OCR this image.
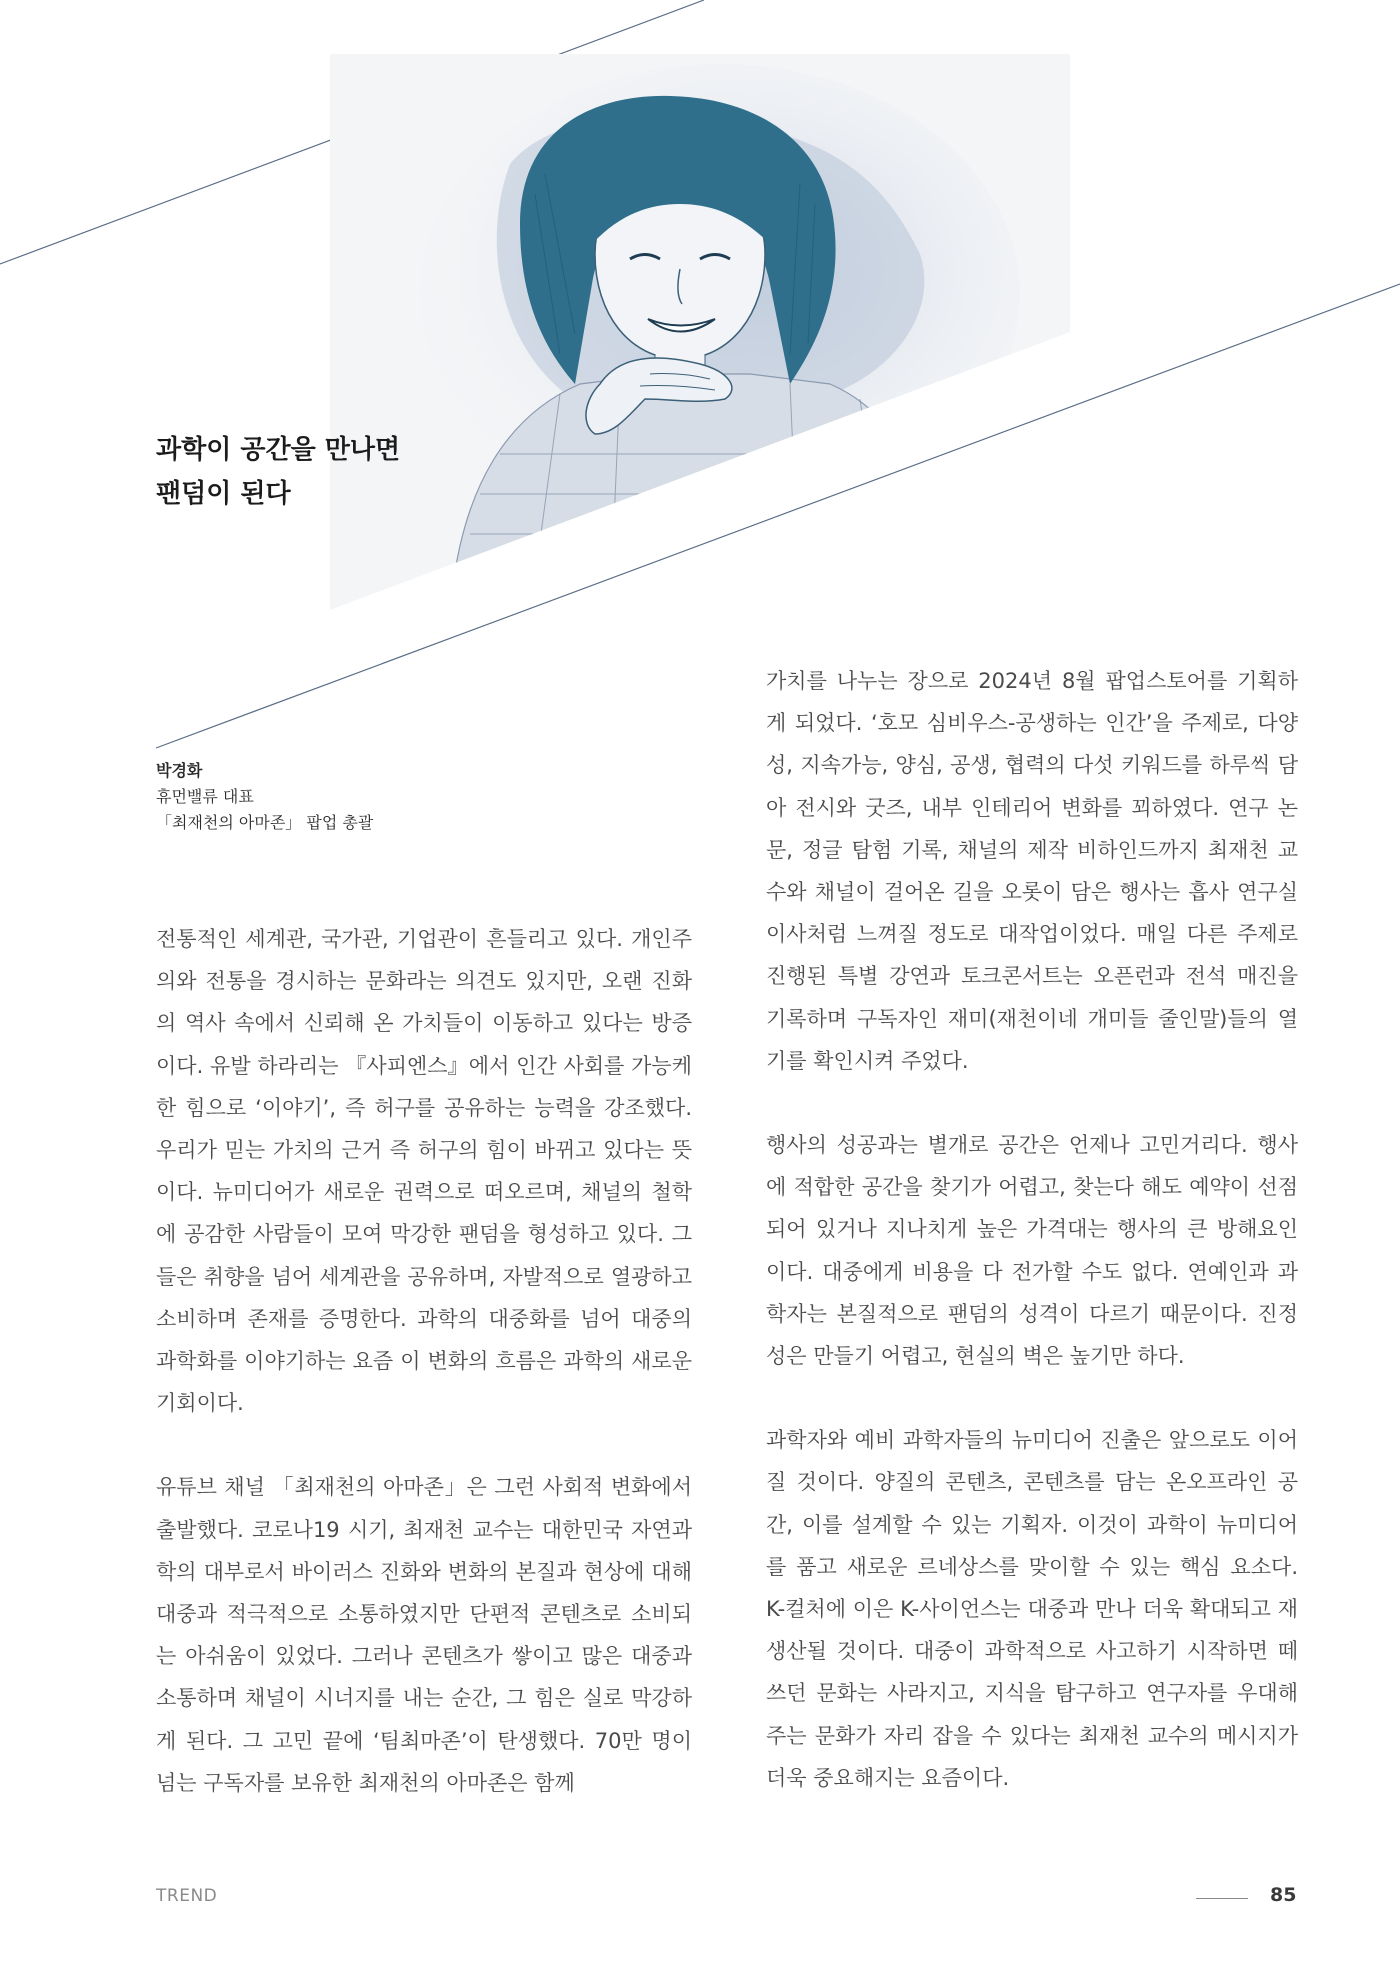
과학이 공간을 만나면
팬덤이 된다
박경화
휴먼밸류 대표
「최재천의 아마존」 팝업 총괄

전통적인 세계관, 국가관, 기업관이 흔들리고 있다. 개인주의와 전통을 경시하는 문화라는 의견도 있지만, 오랜 진화의 역사 속에서 신뢰해 온 가치들이 이동하고 있다는 방증이다. 유발 하라리는 『사피엔스』에서 인간 사회를 가능케 한 힘으로 ‘이야기’, 즉 허구를 공유하는 능력을 강조했다. 우리가 믿는 가치의 근거 즉 허구의 힘이 바뀌고 있다는 뜻이다. 뉴미디어가 새로운 권력으로 떠오르며, 채널의 철학에 공감한 사람들이 모여 막강한 팬덤을 형성하고 있다. 그들은 취향을 넘어 세계관을 공유하며, 자발적으로 열광하고 소비하며 존재를 증명한다. 과학의 대중화를 넘어 대중의 과학화를 이야기하는 요즘 이 변화의 흐름은 과학의 새로운 기회이다.

유튜브 채널 「최재천의 아마존」은 그런 사회적 변화에서 출발했다. 코로나19 시기, 최재천 교수는 대한민국 자연과학의 대부로서 바이러스 진화와 변화의 본질과 현상에 대해 대중과 적극적으로 소통하였지만 단편적 콘텐츠로 소비되는 아쉬움이 있었다. 그러나 콘텐츠가 쌓이고 많은 대중과 소통하며 채널이 시너지를 내는 순간, 그 힘은 실로 막강하게 된다. 그 고민 끝에 ‘팀최마존’이 탄생했다. 70만 명이 넘는 구독자를 보유한 최재천의 아마존은 함께

가치를 나누는 장으로 2024년 8월 팝업스토어를 기획하게 되었다. ‘호모 심비우스-공생하는 인간’을 주제로, 다양성, 지속가능, 양심, 공생, 협력의 다섯 키워드를 하루씩 담아 전시와 굿즈, 내부 인테리어 변화를 꾀하였다. 연구 논문, 정글 탐험 기록, 채널의 제작 비하인드까지 최재천 교수와 채널이 걸어온 길을 오롯이 담은 행사는 흡사 연구실 이사처럼 느껴질 정도로 대작업이었다. 매일 다른 주제로 진행된 특별 강연과 토크콘서트는 오픈런과 전석 매진을 기록하며 구독자인 재미(재천이네 개미들 줄인말)들의 열기를 확인시켜 주었다.

행사의 성공과는 별개로 공간은 언제나 고민거리다. 행사에 적합한 공간을 찾기가 어렵고, 찾는다 해도 예약이 선점되어 있거나 지나치게 높은 가격대는 행사의 큰 방해요인이다. 대중에게 비용을 다 전가할 수도 없다. 연예인과 과학자는 본질적으로 팬덤의 성격이 다르기 때문이다. 진정성은 만들기 어렵고, 현실의 벽은 높기만 하다.

과학자와 예비 과학자들의 뉴미디어 진출은 앞으로도 이어질 것이다. 양질의 콘텐츠, 콘텐츠를 담는 온오프라인 공간, 이를 설계할 수 있는 기획자. 이것이 과학이 뉴미디어를 품고 새로운 르네상스를 맞이할 수 있는 핵심 요소다. K-컬처에 이은 K-사이언스는 대중과 만나 더욱 확대되고 재생산될 것이다. 대중이 과학적으로 사고하기 시작하면 떼쓰던 문화는 사라지고, 지식을 탐구하고 연구자를 우대해 주는 문화가 자리 잡을 수 있다는 최재천 교수의 메시지가 더욱 중요해지는 요즘이다.

TREND	85
